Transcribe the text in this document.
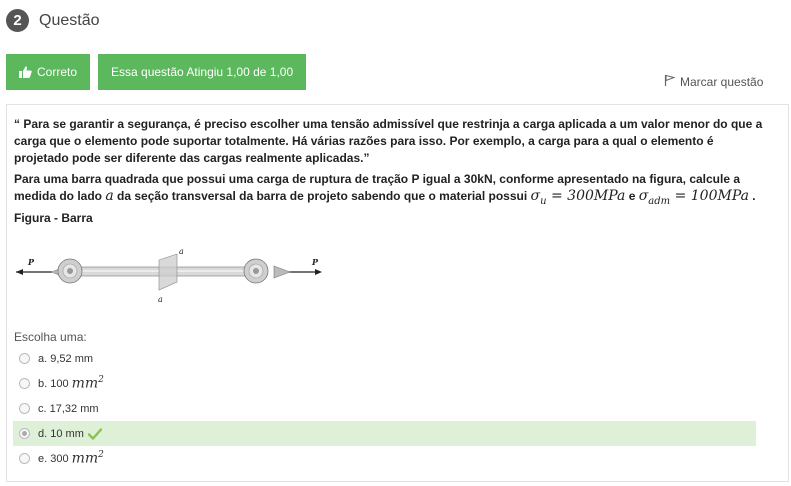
2	Questão
Correto	Essa questão Atingiu 1,00 de 1,00
Marcar questão

“ Para se garantir a segurança, é preciso escolher uma tensão admissível que restrinja a carga aplicada a um valor menor do que a carga que o elemento pode suportar totalmente. Há várias razões para isso. Por exemplo, a carga para a qual o elemento é projetado pode ser diferente das cargas realmente aplicadas.”

Para uma barra quadrada que possui uma carga de ruptura de tração P igual a 30kN, conforme apresentado na figura, calcule a medida do lado a da seção transversal da barra de projeto sabendo que o material possui $\sigma_u = 300MPa$ e $\sigma_{adm} = 100MPa$ .
Figura - Barra

a
a
P	P
Escolha uma:
a.
9,52 mm
b.
100 $mm^2$
c.
17,32 mm
d.
10 mm
e.
300 $mm^2$
